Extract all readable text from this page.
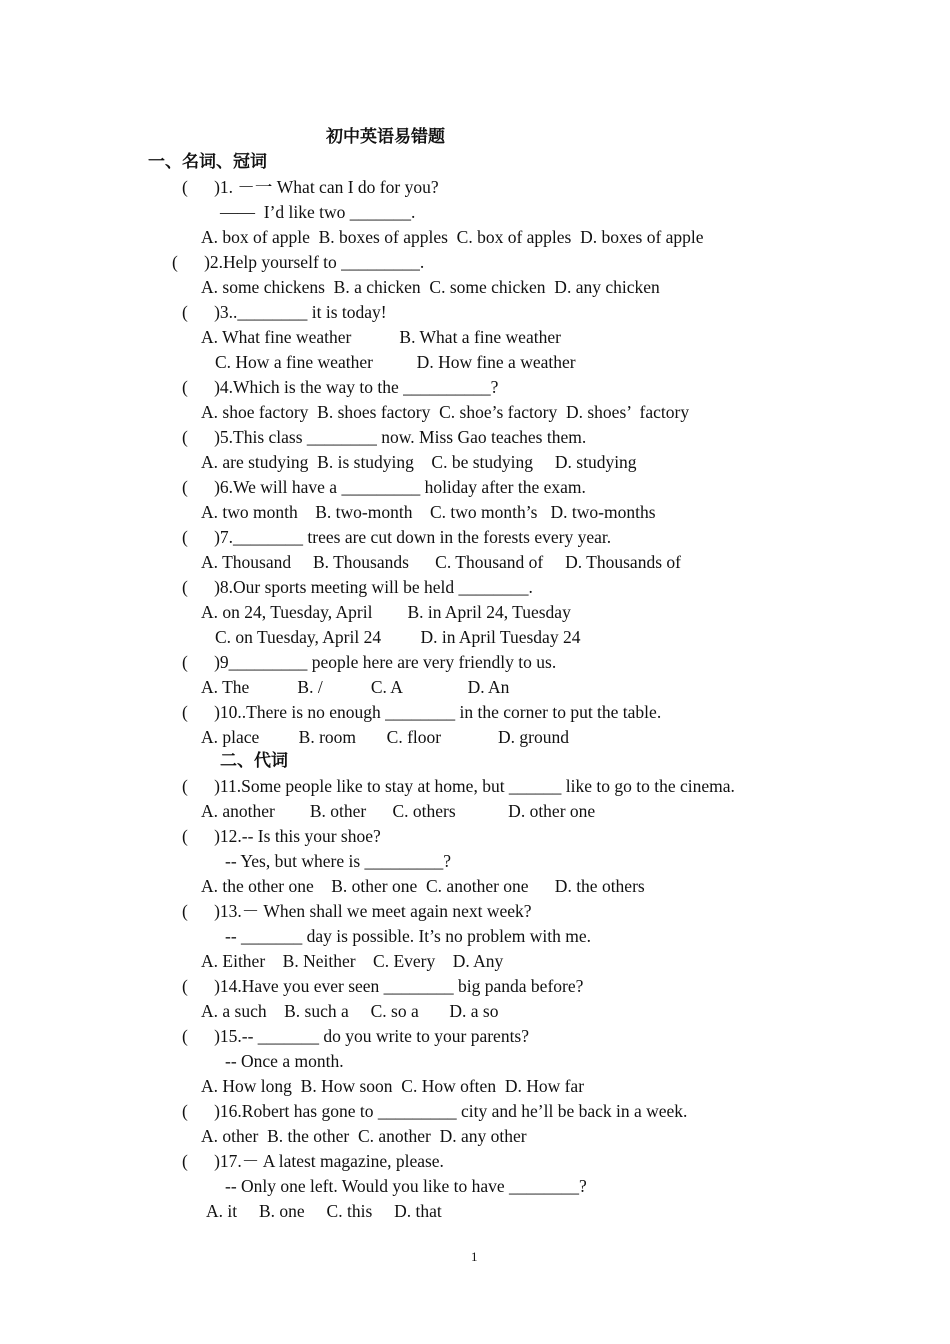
初中英语易错题
一、名词、冠词
(      )1. －一 What can I do for you?
——  I’d like two _______.
A. box of apple  B. boxes of apples  C. box of apples  D. boxes of apple
(      )2.Help yourself to _________.
A. some chickens  B. a chicken  C. some chicken  D. any chicken
(      )3..________ it is today!
A. What fine weather           B. What a fine weather
C. How a fine weather          D. How fine a weather
(      )4.Which is the way to the __________?
A. shoe factory  B. shoes factory  C. shoe’s factory  D. shoes’  factory
(      )5.This class ________ now. Miss Gao teaches them.
A. are studying  B. is studying    C. be studying     D. studying
(      )6.We will have a _________ holiday after the exam.
A. two month    B. two-month    C. two month’s   D. two-months
(      )7.________ trees are cut down in the forests every year.
A. Thousand     B. Thousands      C. Thousand of     D. Thousands of
(      )8.Our sports meeting will be held ________.
A. on 24, Tuesday, April        B. in April 24, Tuesday
C. on Tuesday, April 24         D. in April Tuesday 24
(      )9_________ people here are very friendly to us.
A. The           B. /           C. A               D. An
(      )10..There is no enough ________ in the corner to put the table.
A. place         B. room       C. floor             D. ground
二、代词
(      )11.Some people like to stay at home, but ______ like to go to the cinema.
A. another        B. other      C. others            D. other one
(      )12.-- Is this your shoe?
-- Yes, but where is _________?
A. the other one    B. other one  C. another one      D. the others
(      )13.－ When shall we meet again next week?
-- _______ day is possible. It’s no problem with me.
A. Either    B. Neither    C. Every    D. Any
(      )14.Have you ever seen ________ big panda before?
A. a such    B. such a     C. so a       D. a so
(      )15.-- _______ do you write to your parents?
-- Once a month.
A. How long  B. How soon  C. How often  D. How far
(      )16.Robert has gone to _________ city and he’ll be back in a week.
A. other  B. the other  C. another  D. any other
(      )17.－ A latest magazine, please.
-- Only one left. Would you like to have ________?
A. it     B. one     C. this     D. that
1
